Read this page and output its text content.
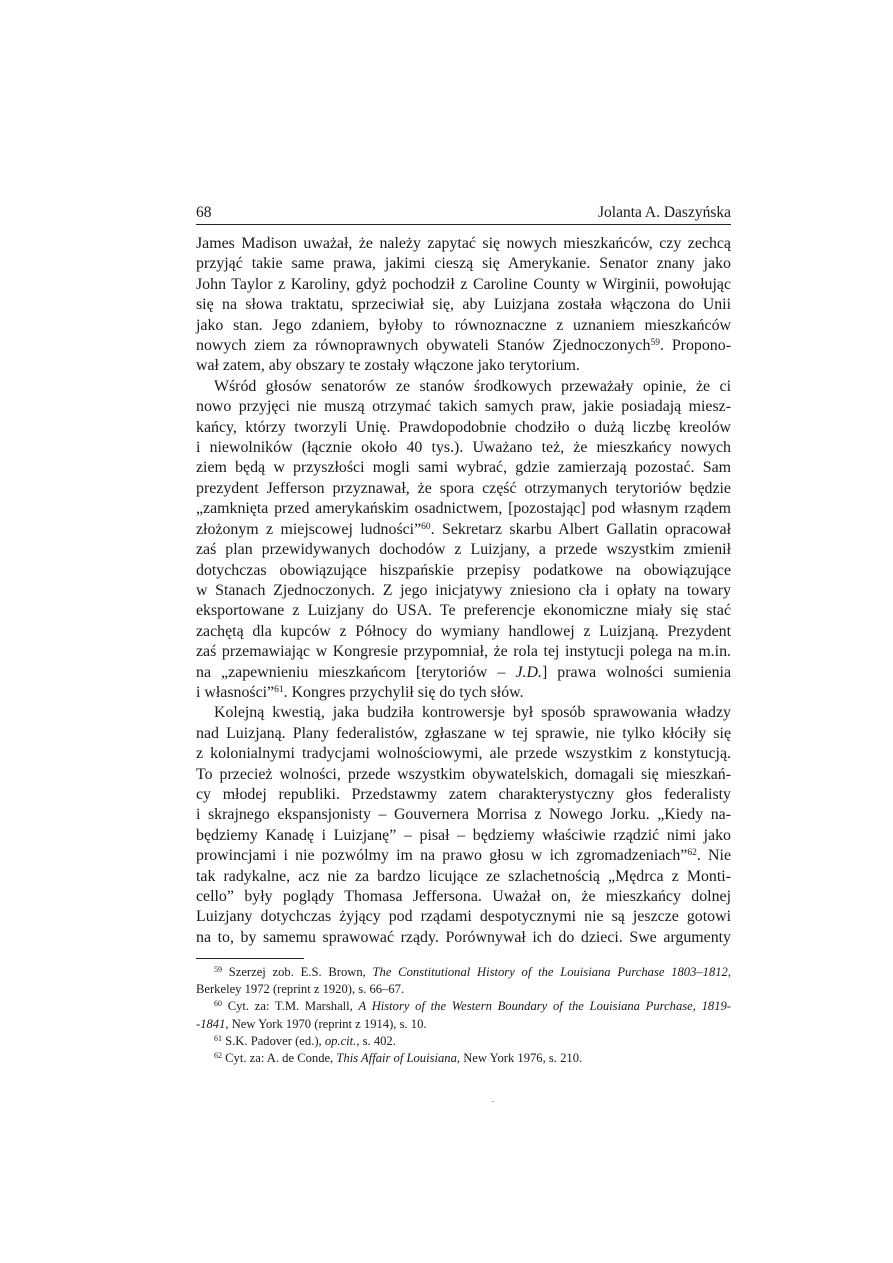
68	Jolanta A. Daszyńska
James Madison uważał, że należy zapytać się nowych mieszkańców, czy zechcą
przyjąć takie same prawa, jakimi cieszą się Amerykanie. Senator znany jako
John Taylor z Karoliny, gdyż pochodził z Caroline County w Wirginii, powołując
się na słowa traktatu, sprzeciwiał się, aby Luizjana została włączona do Unii
jako stan. Jego zdaniem, byłoby to równoznaczne z uznaniem mieszkańców
nowych ziem za równoprawnych obywateli Stanów Zjednoczonych$^{59}$. Propono-
wał zatem, aby obszary te zostały włączone jako terytorium.
Wśród głosów senatorów ze stanów środkowych przeważały opinie, że ci
nowo przyjęci nie muszą otrzymać takich samych praw, jakie posiadają miesz-
kańcy, którzy tworzyli Unię. Prawdopodobnie chodziło o dużą liczbę kreolów
i niewolników (łącznie około 40 tys.). Uważano też, że mieszkańcy nowych
ziem będą w przyszłości mogli sami wybrać, gdzie zamierzają pozostać. Sam
prezydent Jefferson przyznawał, że spora część otrzymanych terytoriów będzie
„zamknięta przed amerykańskim osadnictwem, [pozostając] pod własnym rządem
złożonym z miejscowej ludności”$^{60}$. Sekretarz skarbu Albert Gallatin opracował
zaś plan przewidywanych dochodów z Luizjany, a przede wszystkim zmienił
dotychczas obowiązujące hiszpańskie przepisy podatkowe na obowiązujące
w Stanach Zjednoczonych. Z jego inicjatywy zniesiono cła i opłaty na towary
eksportowane z Luizjany do USA. Te preferencje ekonomiczne miały się stać
zachętą dla kupców z Północy do wymiany handlowej z Luizjaną. Prezydent
zaś przemawiając w Kongresie przypomniał, że rola tej instytucji polega na m.in.
na „zapewnieniu mieszkańcom [terytoriów – J.D.] prawa wolności sumienia
i własności”$^{61}$. Kongres przychylił się do tych słów.
Kolejną kwestią, jaka budziła kontrowersje był sposób sprawowania władzy
nad Luizjaną. Plany federalistów, zgłaszane w tej sprawie, nie tylko kłóciły się
z kolonialnymi tradycjami wolnościowymi, ale przede wszystkim z konstytucją.
To przecież wolności, przede wszystkim obywatelskich, domagali się mieszkań-
cy młodej republiki. Przedstawmy zatem charakterystyczny głos federalisty
i skrajnego ekspansjonisty – Gouvernera Morrisa z Nowego Jorku. „Kiedy na-
będziemy Kanadę i Luizjanę” – pisał – będziemy właściwie rządzić nimi jako
prowincjami i nie pozwólmy im na prawo głosu w ich zgromadzeniach”$^{62}$. Nie
tak radykalne, acz nie za bardzo licujące ze szlachetnością „Mędrca z Monti-
cello” były poglądy Thomasa Jeffersona. Uważał on, że mieszkańcy dolnej
Luizjany dotychczas żyjący pod rządami despotycznymi nie są jeszcze gotowi
na to, by samemu sprawować rządy. Porównywał ich do dzieci. Swe argumenty
$^{59}$ Szerzej zob. E.S. Brown, The Constitutional History of the Louisiana Purchase 1803–1812,
Berkeley 1972 (reprint z 1920), s. 66–67.
$^{60}$ Cyt. za: T.M. Marshall, A History of the Western Boundary of the Louisiana Purchase, 1819-
-1841, New York 1970 (reprint z 1914), s. 10.
$^{61}$ S.K. Padover (ed.), op.cit., s. 402.
$^{62}$ Cyt. za: A. de Conde, This Affair of Louisiana, New York 1976, s. 210.
